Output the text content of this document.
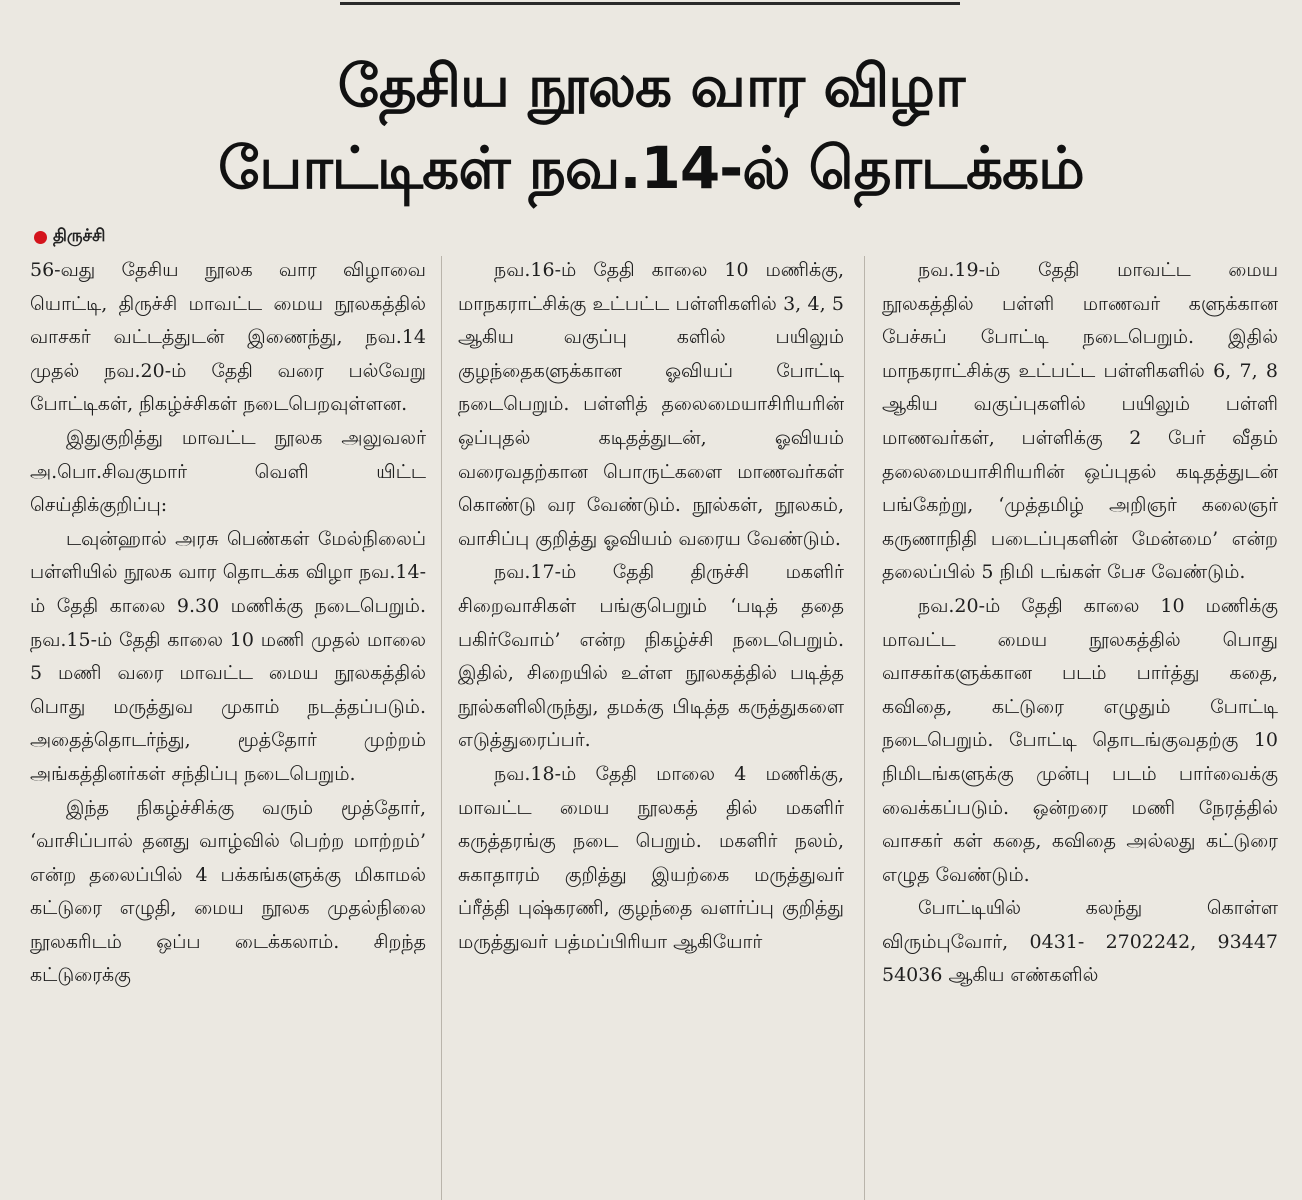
தேசிய நூலக வார விழா
போட்டிகள் நவ.14-ல் தொடக்கம்
திருச்சி

56-வது தேசிய நூலக வார விழாவை யொட்டி, திருச்சி மாவட்ட மைய நூலகத்தில் வாசகர் வட்டத்துடன் இணைந்து, நவ.14 முதல் நவ.20-ம் தேதி வரை பல்வேறு போட்டிகள், நிகழ்ச்சிகள் நடைபெறவுள்ளன.

இதுகுறித்து மாவட்ட நூலக அலுவலர் அ.பொ.சிவகுமார் வெளி யிட்ட செய்திக்குறிப்பு:

டவுன்ஹால் அரசு பெண்கள் மேல்நிலைப் பள்ளியில் நூலக வார தொடக்க விழா நவ.14-ம் தேதி காலை 9.30 மணிக்கு நடைபெறும். நவ.15-ம் தேதி காலை 10 மணி முதல் மாலை 5 மணி வரை மாவட்ட மைய நூலகத்தில் பொது மருத்துவ முகாம் நடத்தப்படும். அதைத்தொடர்ந்து, மூத்தோர் முற்றம் அங்கத்தினர்கள் சந்திப்பு நடைபெறும்.

இந்த நிகழ்ச்சிக்கு வரும் மூத்தோர், ‘வாசிப்பால் தனது வாழ்வில் பெற்ற மாற்றம்’ என்ற தலைப்பில் 4 பக்கங்களுக்கு மிகாமல் கட்டுரை எழுதி, மைய நூலக முதல்நிலை நூலகரிடம் ஒப்ப டைக்கலாம். சிறந்த கட்டுரைக்கு

நவ.16-ம் தேதி காலை 10 மணிக்கு, மாநகராட்சிக்கு உட்பட்ட பள்ளிகளில் 3, 4, 5 ஆகிய வகுப்பு களில் பயிலும் குழந்தைகளுக்கான ஓவியப் போட்டி நடைபெறும். பள்ளித் தலைமையாசிரியரின் ஒப்புதல் கடிதத்துடன், ஓவியம் வரைவதற்கான பொருட்களை மாணவர்கள் கொண்டு வர வேண்டும். நூல்கள், நூலகம், வாசிப்பு குறித்து ஓவியம் வரைய வேண்டும்.

நவ.17-ம் தேதி திருச்சி மகளிர் சிறைவாசிகள் பங்குபெறும் ‘படித் ததை பகிர்வோம்’ என்ற நிகழ்ச்சி நடைபெறும். இதில், சிறையில் உள்ள நூலகத்தில் படித்த நூல்களிலிருந்து, தமக்கு பிடித்த கருத்துகளை எடுத்துரைப்பர்.

நவ.18-ம் தேதி மாலை 4 மணிக்கு, மாவட்ட மைய நூலகத் தில் மகளிர் கருத்தரங்கு நடை பெறும். மகளிர் நலம், சுகாதாரம் குறித்து இயற்கை மருத்துவர் ப்ரீத்தி புஷ்கரணி, குழந்தை வளர்ப்பு குறித்து மருத்துவர் பத்மப்பிரியா ஆகியோர்

நவ.19-ம் தேதி மாவட்ட மைய நூலகத்தில் பள்ளி மாணவர் களுக்கான பேச்சுப் போட்டி நடைபெறும். இதில் மாநகராட்சிக்கு உட்பட்ட பள்ளிகளில் 6, 7, 8 ஆகிய வகுப்புகளில் பயிலும் பள்ளி மாணவர்கள், பள்ளிக்கு 2 பேர் வீதம் தலைமையாசிரியரின் ஒப்புதல் கடிதத்துடன் பங்கேற்று, ‘முத்தமிழ் அறிஞர் கலைஞர் கருணாநிதி படைப்புகளின் மேன்மை’ என்ற தலைப்பில் 5 நிமி டங்கள் பேச வேண்டும்.

நவ.20-ம் தேதி காலை 10 மணிக்கு மாவட்ட மைய நூலகத்தில் பொது வாசகர்களுக்கான படம் பார்த்து கதை, கவிதை, கட்டுரை எழுதும் போட்டி நடைபெறும். போட்டி தொடங்குவதற்கு 10 நிமிடங்களுக்கு முன்பு படம் பார்வைக்கு வைக்கப்படும். ஒன்றரை மணி நேரத்தில் வாசகர் கள் கதை, கவிதை அல்லது கட்டுரை எழுத வேண்டும்.

போட்டியில் கலந்து கொள்ள விரும்புவோர், 0431- 2702242, 93447 54036 ஆகிய எண்களில்
